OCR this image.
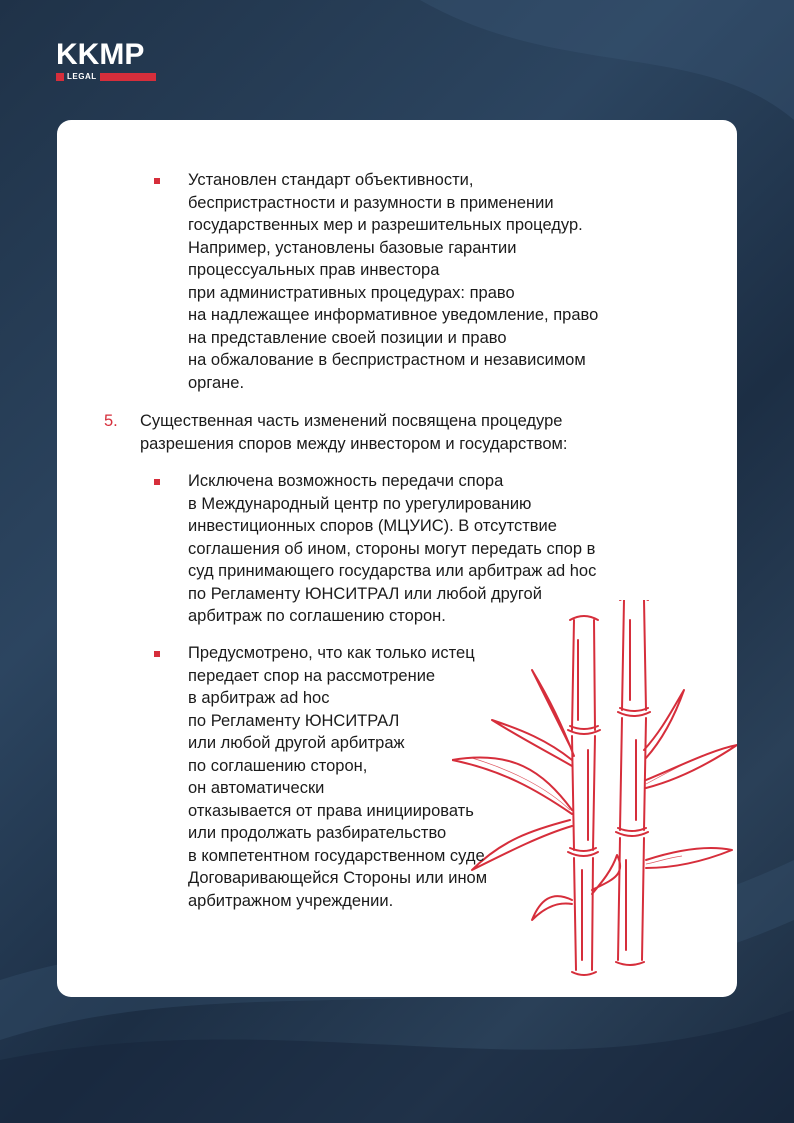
KKMP
LEGAL
Установлен стандарт объективности,
беспристрастности и разумности в применении
государственных мер и разрешительных процедур.
Например, установлены базовые гарантии
процессуальных прав инвестора
при административных процедурах: право
на надлежащее информативное уведомление, право
на представление своей позиции и право
на обжалование в беспристрастном и независимом
органе.
5. Существенная часть изменений посвящена процедуре
разрешения споров между инвестором и государством:
Исключена возможность передачи спора
в Международный центр по урегулированию
инвестиционных споров (МЦУИС). В отсутствие
соглашения об ином, стороны могут передать спор в
суд принимающего государства или арбитраж ad hoc
по Регламенту ЮНСИТРАЛ или любой другой
арбитраж по соглашению сторон.
Предусмотрено, что как только истец
передает спор на рассмотрение
в арбитраж ad hoc
по Регламенту ЮНСИТРАЛ
или любой другой арбитраж
по соглашению сторон,
он автоматически
отказывается от права инициировать
или продолжать разбирательство
в компетентном государственном суде
Договаривающейся Стороны или ином
арбитражном учреждении.
